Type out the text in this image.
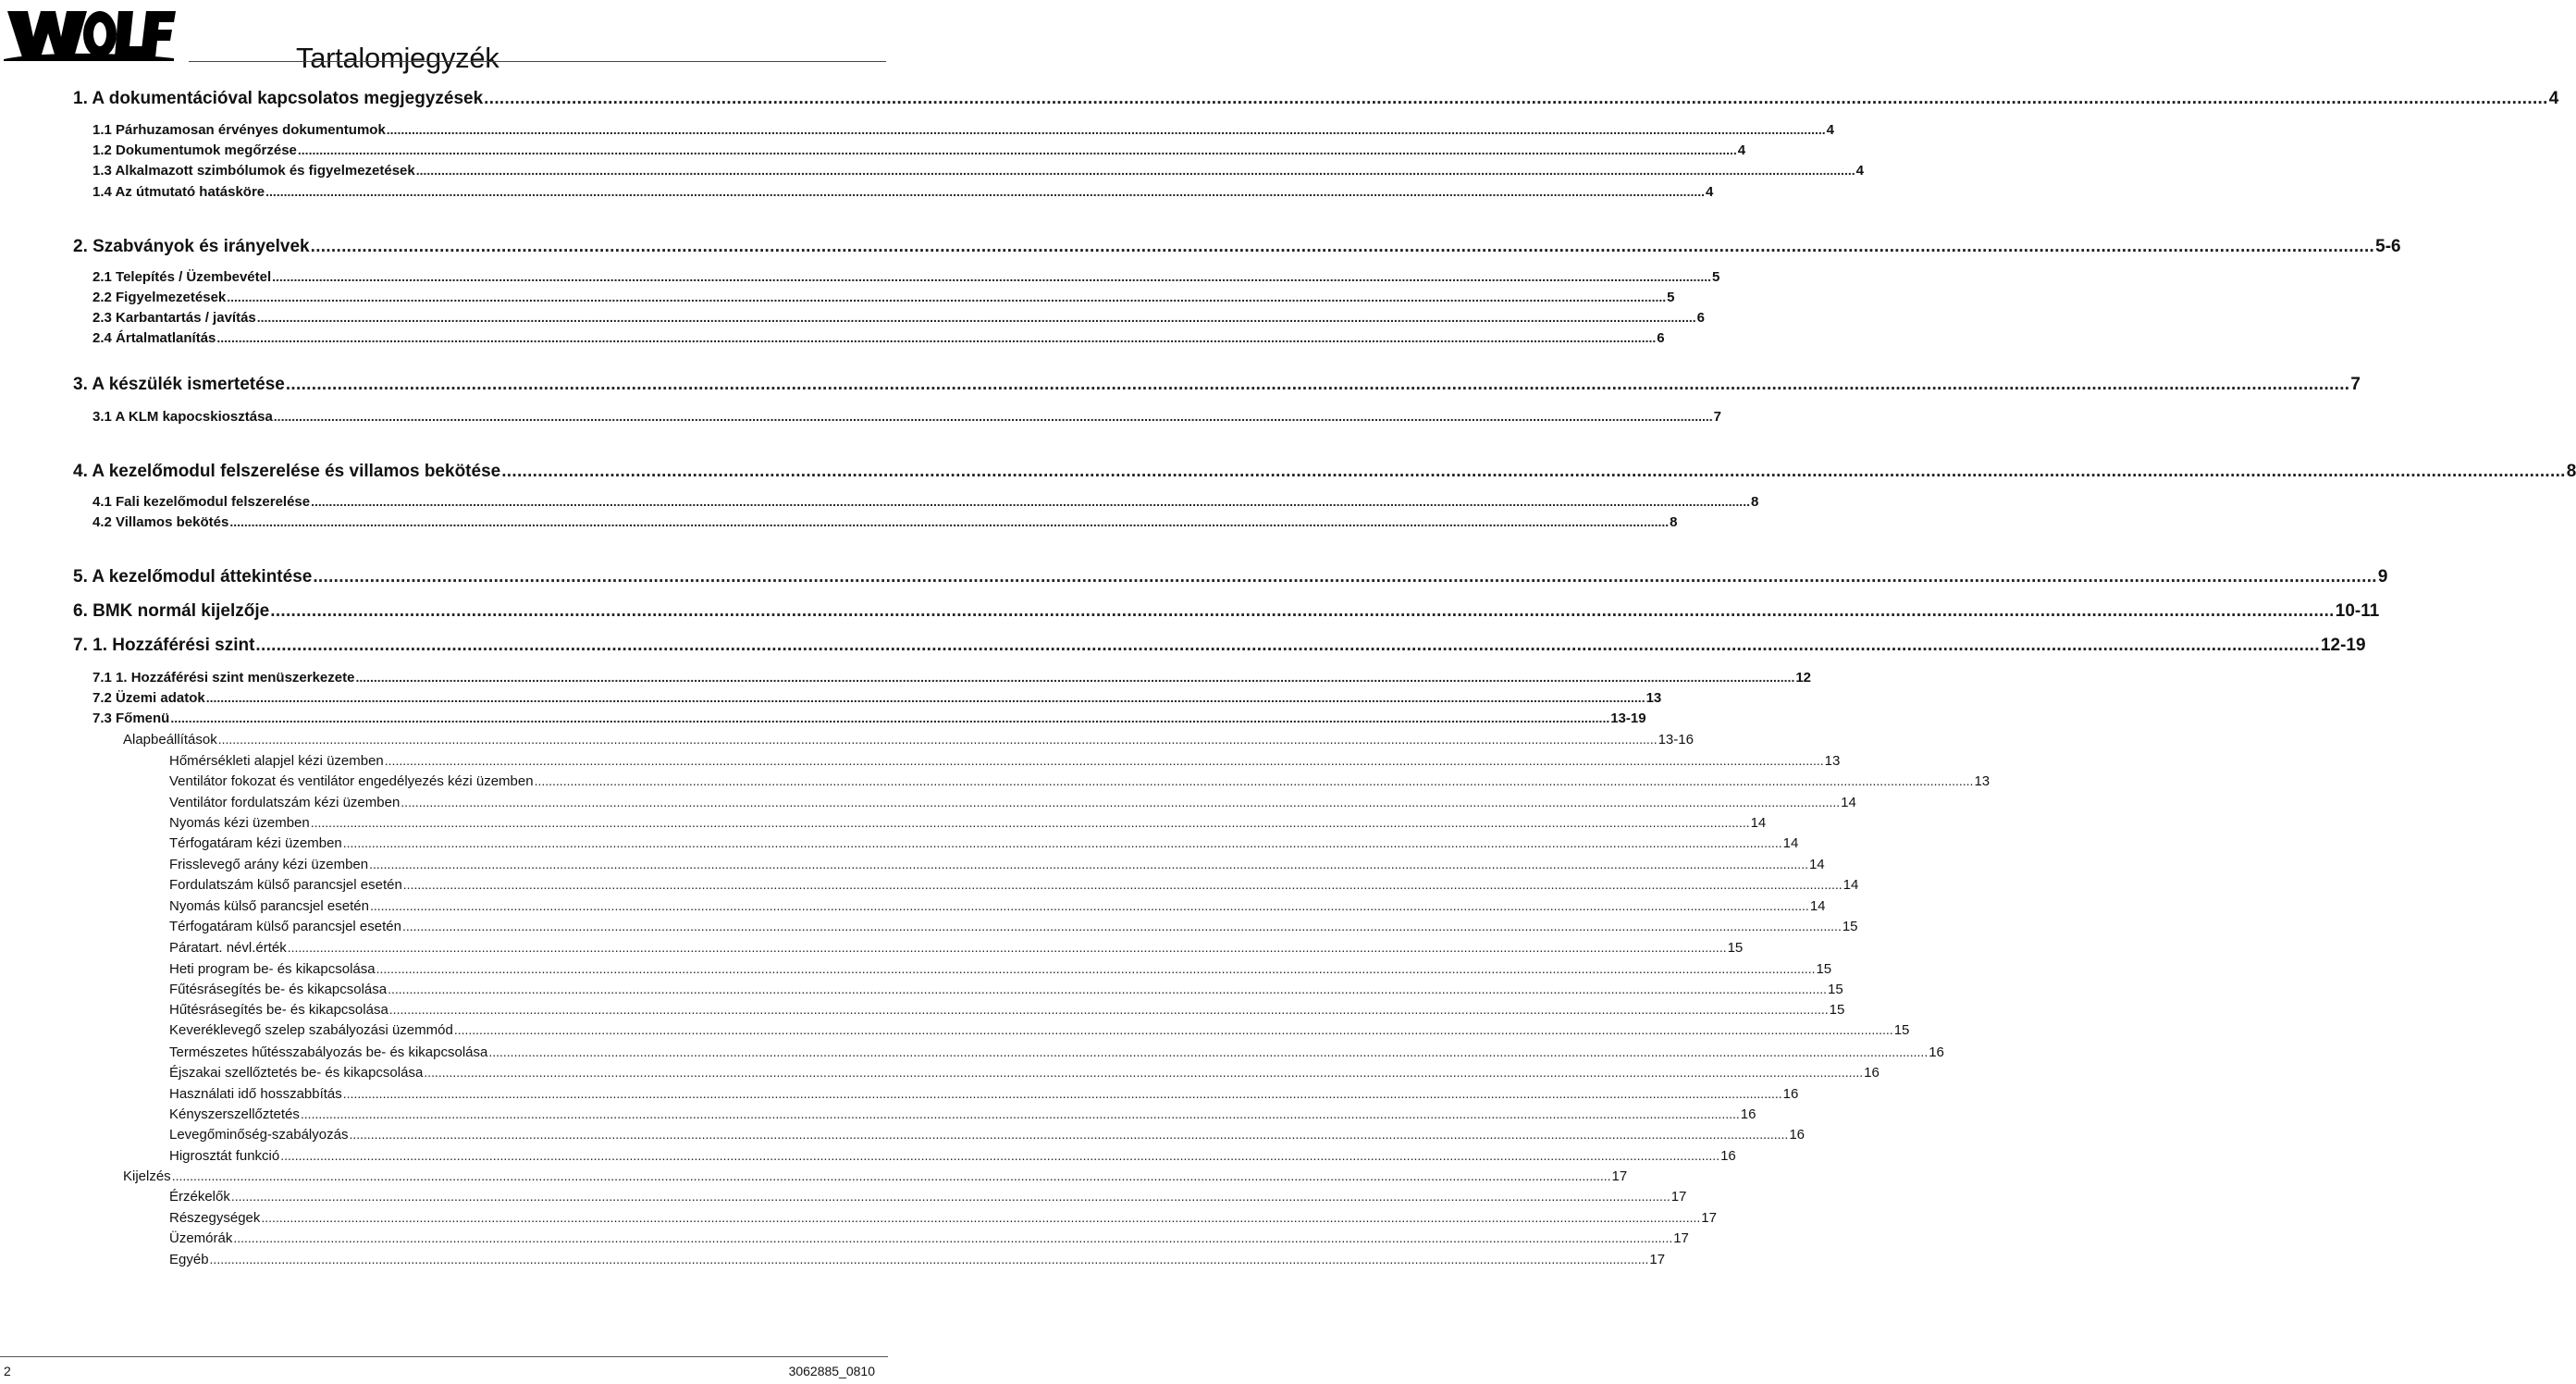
Tartalomjegyzék
1. A dokumentációval kapcsolatos megjegyzések ................................................................................................................................................................................................................................................................................................................................................................................................................ 4
1.1 Párhuzamosan érvényes dokumentumok ................................................................................................................................................................................................................................................................................................................................................................................................................ 4
1.2 Dokumentumok megőrzése ................................................................................................................................................................................................................................................................................................................................................................................................................ 4
1.3 Alkalmazott szimbólumok és figyelmezetések ................................................................................................................................................................................................................................................................................................................................................................................................................ 4
1.4 Az útmutató hatásköre ................................................................................................................................................................................................................................................................................................................................................................................................................ 4
2. Szabványok és irányelvek ................................................................................................................................................................................................................................................................................................................................................................................................................ 5-6
2.1 Telepítés / Üzembevétel ................................................................................................................................................................................................................................................................................................................................................................................................................ 5
2.2 Figyelmezetések ................................................................................................................................................................................................................................................................................................................................................................................................................ 5
2.3 Karbantartás / javítás ................................................................................................................................................................................................................................................................................................................................................................................................................ 6
2.4 Ártalmatlanítás ................................................................................................................................................................................................................................................................................................................................................................................................................ 6
3. A készülék ismertetése ................................................................................................................................................................................................................................................................................................................................................................................................................ 7
3.1 A KLM kapocskiosztása ................................................................................................................................................................................................................................................................................................................................................................................................................ 7
4. A kezelőmodul felszerelése és villamos bekötése ................................................................................................................................................................................................................................................................................................................................................................................................................ 8
4.1 Fali kezelőmodul felszerelése ................................................................................................................................................................................................................................................................................................................................................................................................................ 8
4.2 Villamos bekötés ................................................................................................................................................................................................................................................................................................................................................................................................................ 8
5. A kezelőmodul áttekintése ................................................................................................................................................................................................................................................................................................................................................................................................................ 9
6. BMK normál kijelzője ................................................................................................................................................................................................................................................................................................................................................................................................................ 10-11
7. 1. Hozzáférési szint ................................................................................................................................................................................................................................................................................................................................................................................................................ 12-19
7.1 1. Hozzáférési szint menüszerkezete ................................................................................................................................................................................................................................................................................................................................................................................................................ 12
7.2 Üzemi adatok ................................................................................................................................................................................................................................................................................................................................................................................................................ 13
7.3 Főmenü ................................................................................................................................................................................................................................................................................................................................................................................................................ 13-19
Alapbeállítások ................................................................................................................................................................................................................................................................................................................................................................................................................ 13-16
Hőmérsékleti alapjel kézi üzemben ................................................................................................................................................................................................................................................................................................................................................................................................................ 13
Ventilátor fokozat és ventilátor engedélyezés kézi üzemben ................................................................................................................................................................................................................................................................................................................................................................................................................ 13
Ventilátor fordulatszám kézi üzemben ................................................................................................................................................................................................................................................................................................................................................................................................................ 14
Nyomás kézi üzemben ................................................................................................................................................................................................................................................................................................................................................................................................................ 14
Térfogatáram kézi üzemben ................................................................................................................................................................................................................................................................................................................................................................................................................ 14
Frisslevegő arány kézi üzemben ................................................................................................................................................................................................................................................................................................................................................................................................................ 14
Fordulatszám külső parancsjel esetén ................................................................................................................................................................................................................................................................................................................................................................................................................ 14
Nyomás külső parancsjel esetén ................................................................................................................................................................................................................................................................................................................................................................................................................ 14
Térfogatáram külső parancsjel esetén ................................................................................................................................................................................................................................................................................................................................................................................................................ 15
Páratart. névl.érték ................................................................................................................................................................................................................................................................................................................................................................................................................ 15
Heti program be- és kikapcsolása ................................................................................................................................................................................................................................................................................................................................................................................................................ 15
Fűtésrásegítés be- és kikapcsolása ................................................................................................................................................................................................................................................................................................................................................................................................................ 15
Hűtésrásegítés be- és kikapcsolása ................................................................................................................................................................................................................................................................................................................................................................................................................ 15
Keveréklevegő szelep szabályozási üzemmód ................................................................................................................................................................................................................................................................................................................................................................................................................ 15
Természetes hűtésszabályozás be- és kikapcsolása ................................................................................................................................................................................................................................................................................................................................................................................................................ 16
Éjszakai szellőztetés be- és kikapcsolása ................................................................................................................................................................................................................................................................................................................................................................................................................ 16
Használati idő hosszabbítás ................................................................................................................................................................................................................................................................................................................................................................................................................ 16
Kényszerszellőztetés ................................................................................................................................................................................................................................................................................................................................................................................................................ 16
Levegőminőség-szabályozás ................................................................................................................................................................................................................................................................................................................................................................................................................ 16
Higrosztát funkció ................................................................................................................................................................................................................................................................................................................................................................................................................ 16
Kijelzés ................................................................................................................................................................................................................................................................................................................................................................................................................ 17
Érzékelők ................................................................................................................................................................................................................................................................................................................................................................................................................ 17
Részegységek ................................................................................................................................................................................................................................................................................................................................................................................................................ 17
Üzemórák ................................................................................................................................................................................................................................................................................................................................................................................................................ 17
Egyéb ................................................................................................................................................................................................................................................................................................................................................................................................................ 17
2	3062885_0810
